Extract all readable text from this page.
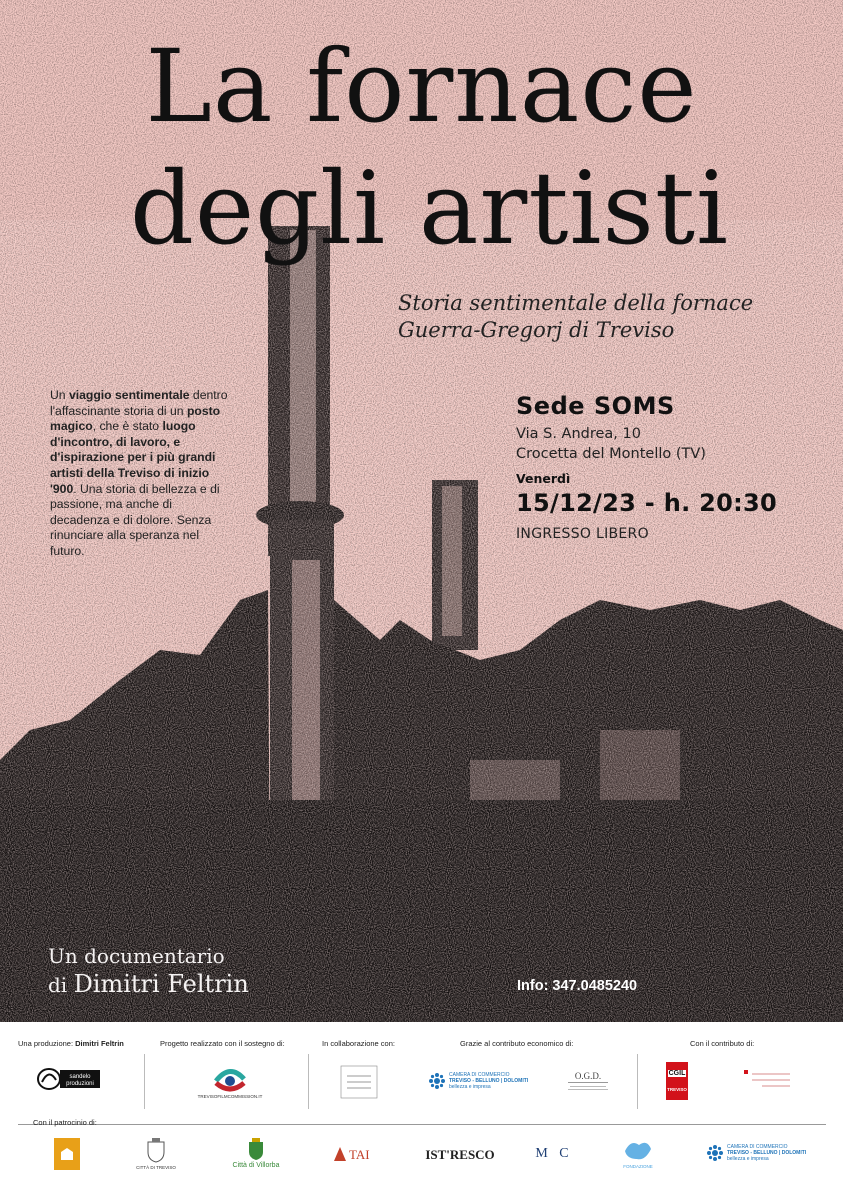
La fornace
degli artisti
Storia sentimentale della fornace
Guerra-Gregorj di Treviso
Un viaggio sentimentale dentro l'affascinante storia di un posto magico, che è stato luogo d'incontro, di lavoro, e d'ispirazione per i più grandi artisti della Treviso di inizio '900. Una storia di bellezza e di passione, ma anche di decadenza e di dolore. Senza rinunciare alla speranza nel futuro.
Sede SOMS
Via S. Andrea, 10
Crocetta del Montello (TV)
Venerdì
15/12/23 - h. 20:30
INGRESSO LIBERO
Un documentario
di Dimitri Feltrin	Info: 347.0485240
Una produzione: Dimitri Feltrin
sandelo
produzioni
Progetto realizzato con il sostegno di:
TREVISOFILMCOMMISSION.IT
In collaborazione con:	Grazie al contributo economico di:
CAMERA DI COMMERCIO
TREVISO - BELLUNO | DOLOMITI
bellezza e impresa
O.G.D.
Con il contributo di:
CGIL
TREVISO
Con il patrocinio di:
CITTÀ DI TREVISO	Città di Villorba
TAI	IST'RESCO	M C
FONDAZIONE
CAMERA DI COMMERCIO
TREVISO - BELLUNO | DOLOMITI
bellezza e impresa
